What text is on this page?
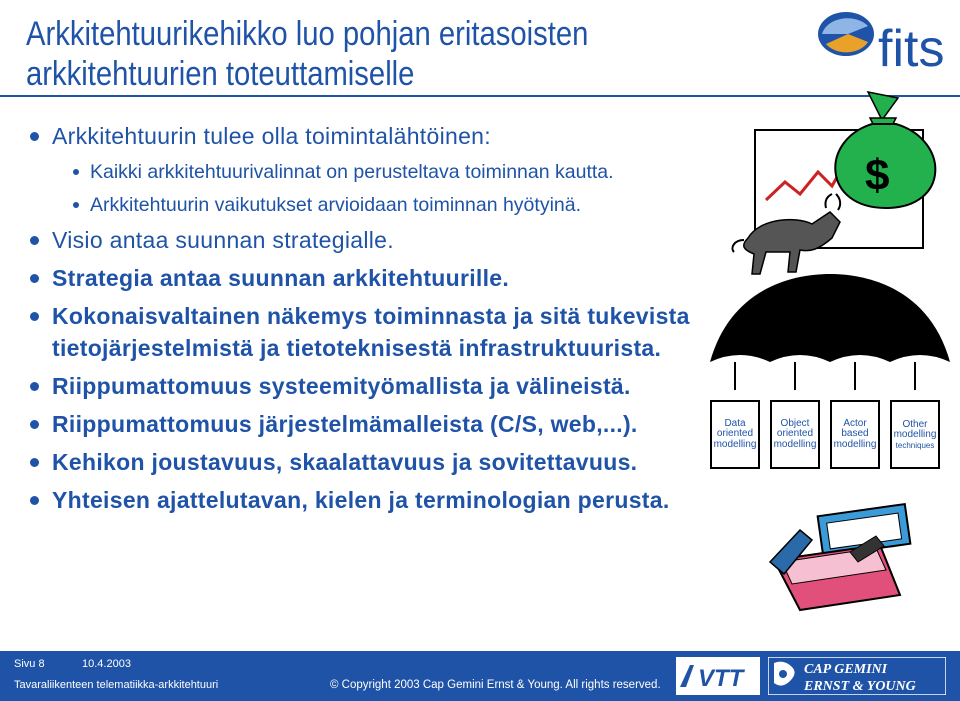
Arkkitehtuurikehikko luo pohjan eritasoisten
arkkitehtuurien toteuttamiselle	fits
Arkkitehtuurin tulee olla toimintalähtöinen:
Kaikki arkkitehtuurivalinnat on perusteltava toiminnan kautta.
Arkkitehtuurin vaikutukset arvioidaan toiminnan hyötyinä.
Visio antaa suunnan strategialle.
Strategia antaa suunnan arkkitehtuurille.
Kokonaisvaltainen näkemys toiminnasta ja sitä tukevista tietojärjestelmistä ja tietoteknisestä infrastruktuurista.
Riippumattomuus systeemityömallista ja välineistä.
Riippumattomuus järjestelmämalleista (C/S, web,...).
Kehikon joustavuus, skaalattavuus ja sovitettavuus.
Yhteisen ajattelutavan, kielen ja terminologian perusta.
$
Data
oriented
modelling
Object
oriented
modelling
Actor
based
modelling
Other
modelling
techniques
Sivu 8	10.4.2003
Tavaraliikenteen telematiikka-arkkitehtuuri	© Copyright 2003 Cap Gemini Ernst & Young. All rights reserved. VTT	CAP GEMINI
ERNST & YOUNG
